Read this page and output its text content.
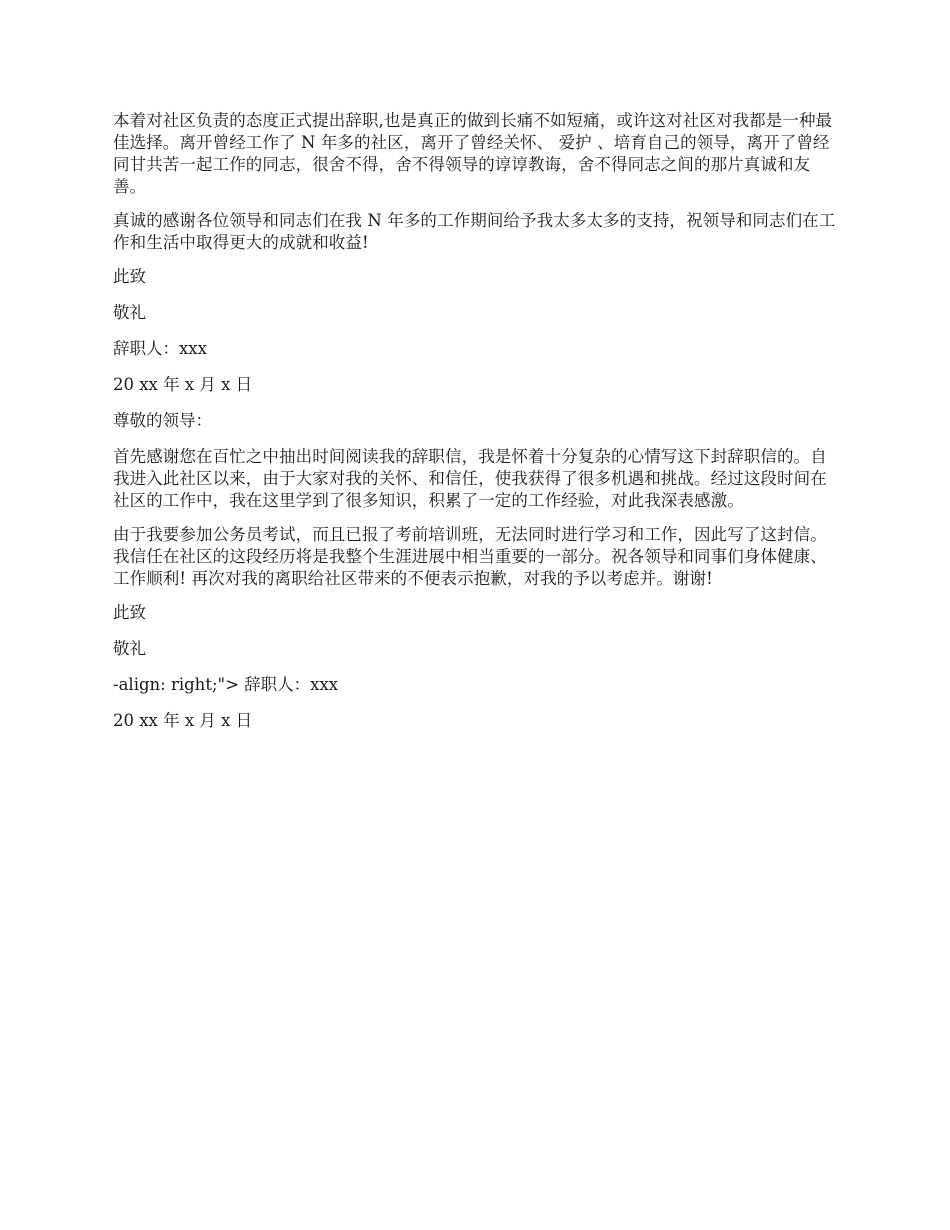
本着对社区负责的态度正式提出辞职,也是真正的做到长痛不如短痛，或许这对社区对我都是一种最佳选择。离开曾经工作了 N 年多的社区，离开了曾经关怀、 爱护 、培育自己的领导，离开了曾经同甘共苦一起工作的同志，很舍不得，舍不得领导的谆谆教诲，舍不得同志之间的那片真诚和友善。

真诚的感谢各位领导和同志们在我 N 年多的工作期间给予我太多太多的支持，祝领导和同志们在工作和生活中取得更大的成就和收益!

此致

敬礼

辞职人：xxx

20 xx 年 x 月 x 日

尊敬的领导：

首先感谢您在百忙之中抽出时间阅读我的辞职信，我是怀着十分复杂的心情写这下封辞职信的。自我进入此社区以来，由于大家对我的关怀、和信任，使我获得了很多机遇和挑战。经过这段时间在社区的工作中，我在这里学到了很多知识，积累了一定的工作经验，对此我深表感激。

由于我要参加公务员考试，而且已报了考前培训班，无法同时进行学习和工作，因此写了这封信。我信任在社区的这段经历将是我整个生涯进展中相当重要的一部分。祝各领导和同事们身体健康、工作顺利! 再次对我的离职给社区带来的不便表示抱歉，对我的予以考虑并。谢谢!

此致

敬礼

-align: right;"> 辞职人：xxx

20 xx 年 x 月 x 日
